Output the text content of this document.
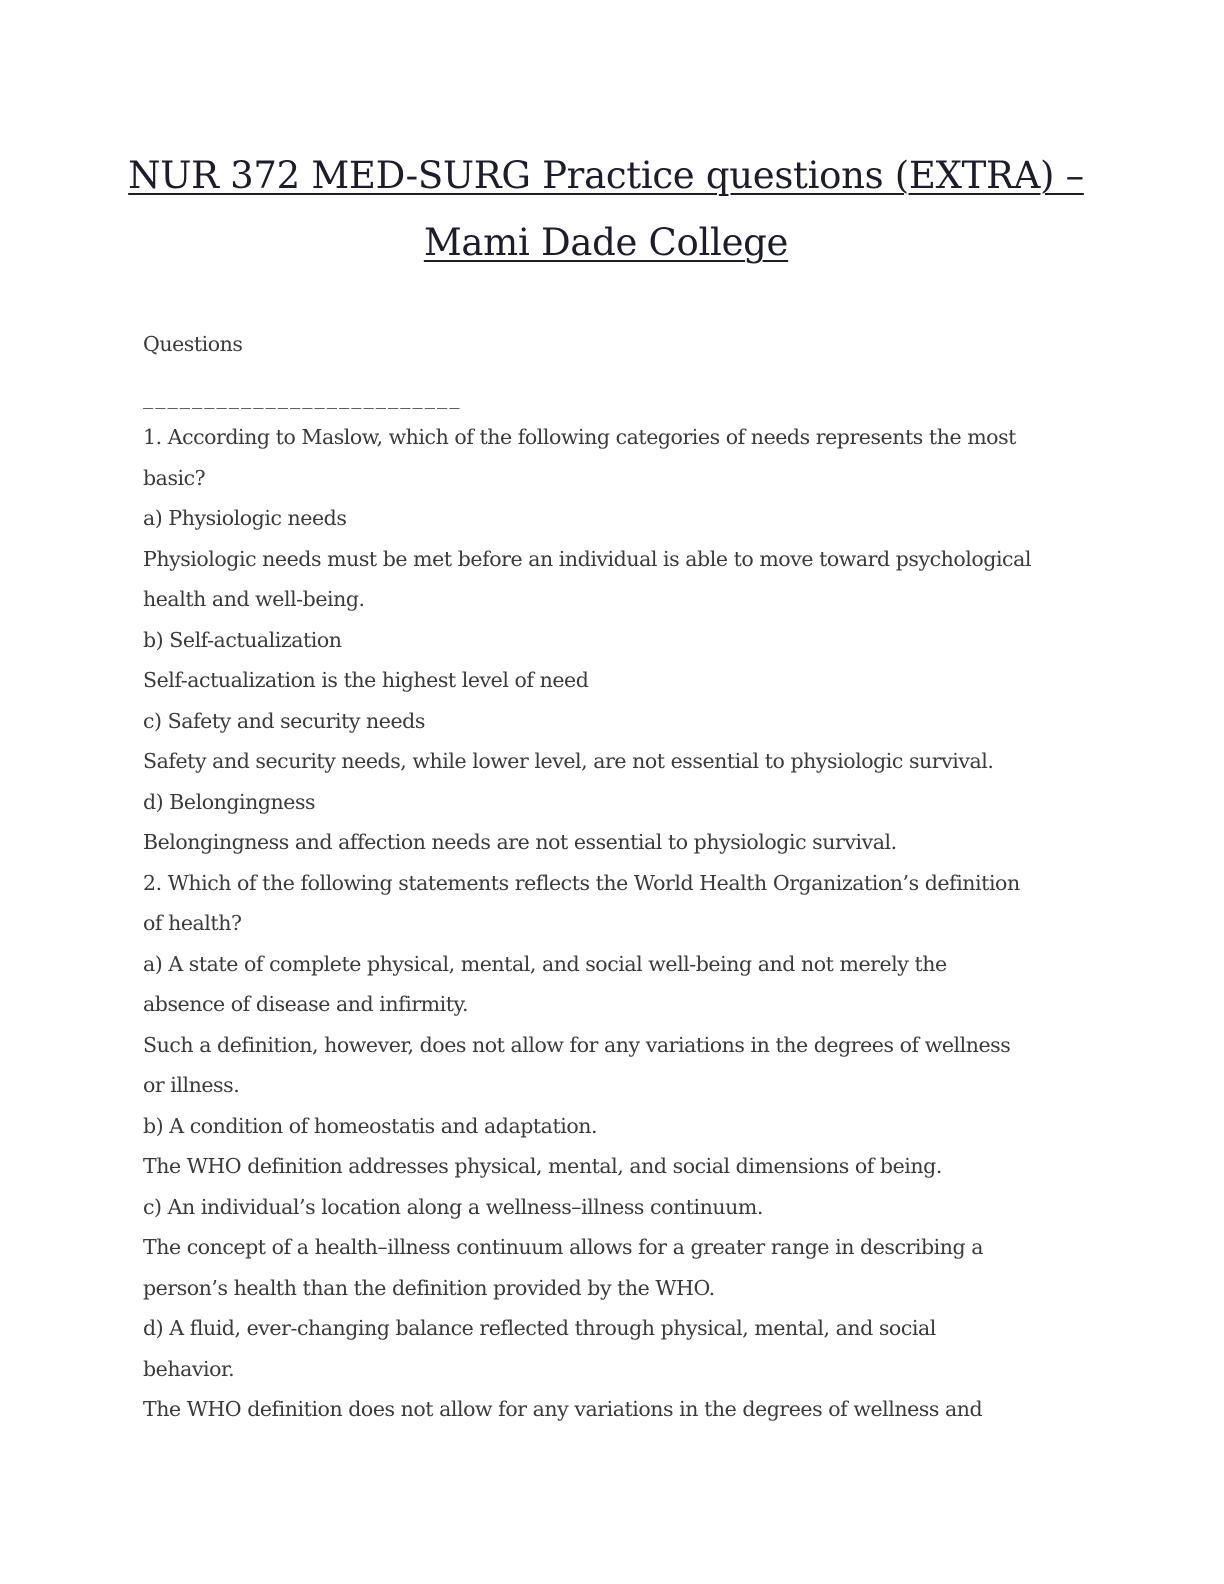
NUR 372 MED-SURG Practice questions (EXTRA) –
Mami Dade College
Questions
__________________________
1. According to Maslow, which of the following categories of needs represents the most
basic?
a) Physiologic needs
Physiologic needs must be met before an individual is able to move toward psychological
health and well-being.
b) Self-actualization
Self-actualization is the highest level of need
c) Safety and security needs
Safety and security needs, while lower level, are not essential to physiologic survival.
d) Belongingness
Belongingness and affection needs are not essential to physiologic survival.
2. Which of the following statements reflects the World Health Organization’s definition
of health?
a) A state of complete physical, mental, and social well-being and not merely the
absence of disease and infirmity.
Such a definition, however, does not allow for any variations in the degrees of wellness
or illness.
b) A condition of homeostatis and adaptation.
The WHO definition addresses physical, mental, and social dimensions of being.
c) An individual’s location along a wellness–illness continuum.
The concept of a health–illness continuum allows for a greater range in describing a
person’s health than the definition provided by the WHO.
d) A fluid, ever-changing balance reflected through physical, mental, and social
behavior.
The WHO definition does not allow for any variations in the degrees of wellness and
